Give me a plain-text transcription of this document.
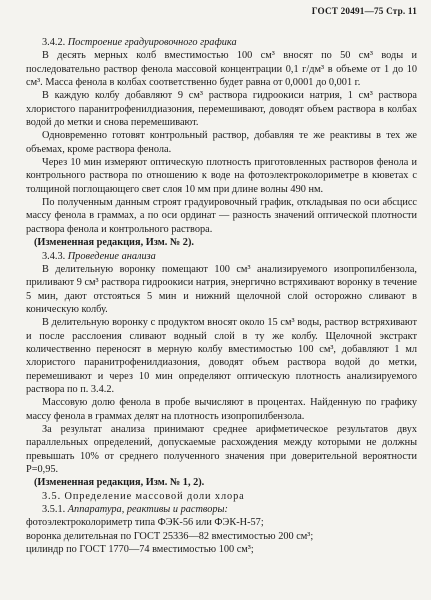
ГОСТ 20491—75 Стр. 11

3.4.2. Построение градуировочного графика

В десять мерных колб вместимостью 100 см³ вносят по 50 см³ воды и последовательно раствор фенола массовой концентрации 0,1 г/дм³ в объеме от 1 до 10 см³. Масса фенола в колбах соответственно будет равна от 0,0001 до 0,001 г.

В каждую колбу добавляют 9 см³ раствора гидроокиси натрия, 1 см³ раствора хлористого паранитрофенилдиазония, перемешивают, доводят объем раствора в колбах водой до метки и снова перемешивают.

Одновременно готовят контрольный раствор, добавляя те же реактивы в тех же объемах, кроме раствора фенола.

Через 10 мин измеряют оптическую плотность приготовленных растворов фенола и контрольного раствора по отношению к воде на фотоэлектроколориметре в кюветах с толщиной поглощающего свет слоя 10 мм при длине волны 490 нм.

По полученным данным строят градуировочный график, откладывая по оси абсцисс массу фенола в граммах, а по оси ординат — разность значений оптической плотности раствора фенола и контрольного раствора.

(Измененная редакция, Изм. № 2).

3.4.3. Проведение анализа

В делительную воронку помещают 100 см³ анализируемого изопропилбензола, приливают 9 см³ раствора гидроокиси натрия, энергично встряхивают воронку в течение 5 мин, дают отстояться 5 мин и нижний щелочной слой осторожно сливают в коническую колбу.

В делительную воронку с продуктом вносят около 15 см³ воды, раствор встряхивают и после расслоения сливают водный слой в ту же колбу. Щелочной экстракт количественно переносят в мерную колбу вместимостью 100 см³, добавляют 1 мл хлористого паранитрофенилдиазония, доводят объем раствора водой до метки, перемешивают и через 10 мин определяют оптическую плотность анализируемого раствора по п. 3.4.2.

Массовую долю фенола в пробе вычисляют в процентах. Найденную по графику массу фенола в граммах делят на плотность изопропилбензола.

За результат анализа принимают среднее арифметическое результатов двух параллельных определений, допускаемые расхождения между которыми не должны превышать 10% от среднего полученного значения при доверительной вероятности P=0,95.

(Измененная редакция, Изм. № 1, 2).

3.5. Определение массовой доли хлора

3.5.1. Аппаратура, реактивы и растворы:

фотоэлектроколориметр типа ФЭК-56 или ФЭК-Н-57;

воронка делительная по ГОСТ 25336—82 вместимостью 200 см³;

цилиндр по ГОСТ 1770—74 вместимостью 100 см³;
